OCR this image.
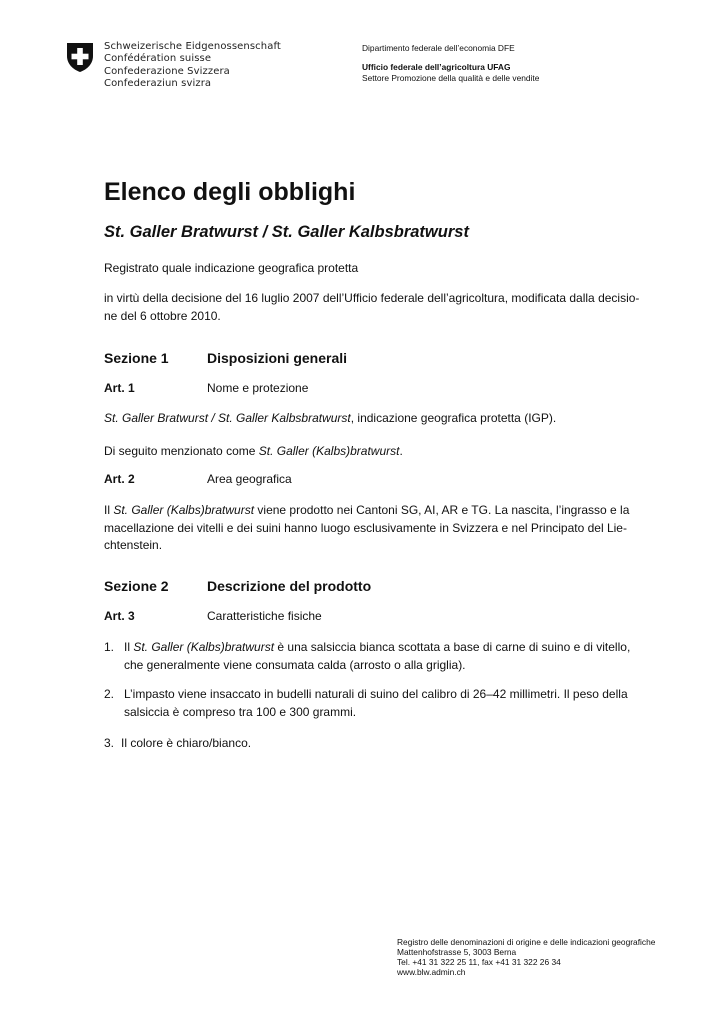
Schweizerische Eidgenossenschaft
Confédération suisse
Confederazione Svizzera
Confederaziun svizra
Dipartimento federale dell’economia DFE
Ufficio federale dell’agricoltura UFAG
Settore Promozione della qualità e delle vendite
Elenco degli obblighi
St. Galler Bratwurst / St. Galler Kalbsbratwurst

Registrato quale indicazione geografica protetta

in virtù della decisione del 16 luglio 2007 dell’Ufficio federale dell’agricoltura, modificata dalla decisio-ne del 6 ottobre 2010.

Sezione 1	Disposizioni generali

Art. 1	Nome e protezione

St. Galler Bratwurst / St. Galler Kalbsbratwurst, indicazione geografica protetta (IGP).

Di seguito menzionato come St. Galler (Kalbs)bratwurst.

Art. 2	Area geografica

Il St. Galler (Kalbs)bratwurst viene prodotto nei Cantoni SG, AI, AR e TG. La nascita, l’ingrasso e la macellazione dei vitelli e dei suini hanno luogo esclusivamente in Svizzera e nel Principato del Lie-chtenstein.

Sezione 2	Descrizione del prodotto

Art. 3	Caratteristiche fisiche

1. Il St. Galler (Kalbs)bratwurst è una salsiccia bianca scottata a base di carne di suino e di vitello, che generalmente viene consumata calda (arrosto o alla griglia).
2. L’impasto viene insaccato in budelli naturali di suino del calibro di 26–42 millimetri. Il peso della salsiccia è compreso tra 100 e 300 grammi.
3. Il colore è chiaro/bianco.
Registro delle denominazioni di origine e delle indicazioni geografiche
Mattenhofstrasse 5, 3003 Berna
Tel. +41 31 322 25 11, fax +41 31 322 26 34
www.blw.admin.ch
